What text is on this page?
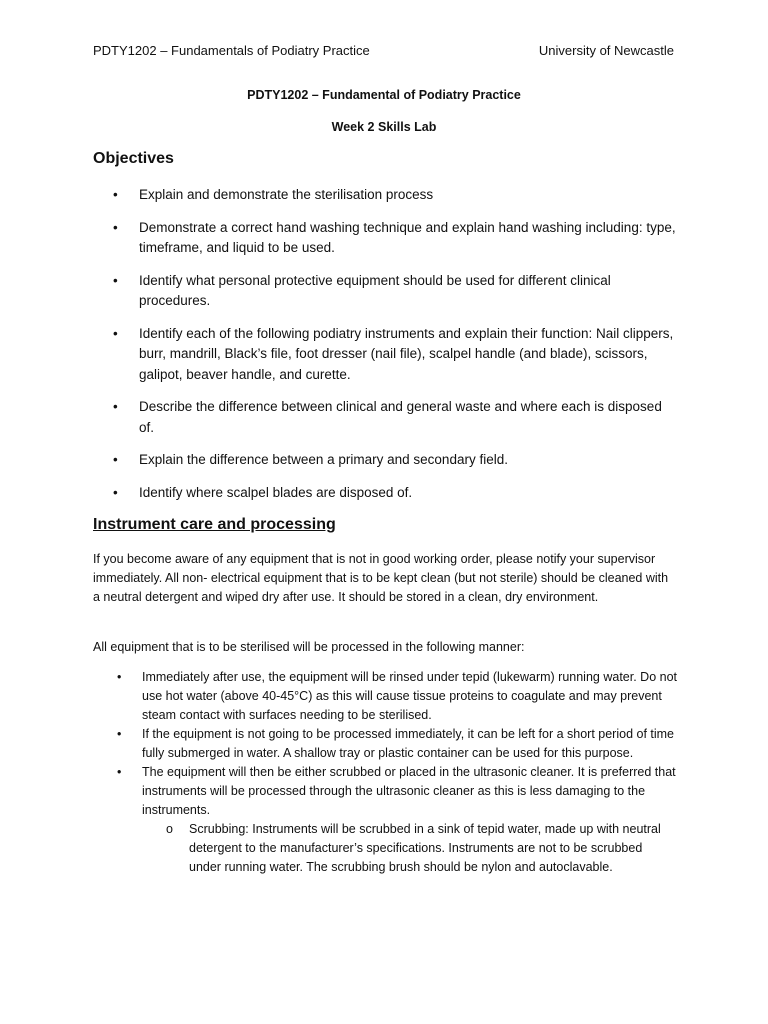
PDTY1202 – Fundamentals of Podiatry Practice	University of Newcastle
PDTY1202 – Fundamental of Podiatry Practice
Week 2 Skills Lab
Objectives
• Explain and demonstrate the sterilisation process
• Demonstrate a correct hand washing technique and explain hand washing including: type, timeframe, and liquid to be used.
• Identify what personal protective equipment should be used for different clinical procedures.
• Identify each of the following podiatry instruments and explain their function: Nail clippers, burr, mandrill, Black’s file, foot dresser (nail file), scalpel handle (and blade), scissors, galipot, beaver handle, and curette.
• Describe the difference between clinical and general waste and where each is disposed of.
• Explain the difference between a primary and secondary field.
• Identify where scalpel blades are disposed of.
Instrument care and processing

If you become aware of any equipment that is not in good working order, please notify your supervisor immediately. All non- electrical equipment that is to be kept clean (but not sterile) should be cleaned with a neutral detergent and wiped dry after use. It should be stored in a clean, dry environment.

All equipment that is to be sterilised will be processed in the following manner:

• Immediately after use, the equipment will be rinsed under tepid (lukewarm) running water. Do not use hot water (above 40-45°C) as this will cause tissue proteins to coagulate and may prevent steam contact with surfaces needing to be sterilised.
• If the equipment is not going to be processed immediately, it can be left for a short period of time fully submerged in water. A shallow tray or plastic container can be used for this purpose.
• The equipment will then be either scrubbed or placed in the ultrasonic cleaner. It is preferred that instruments will be processed through the ultrasonic cleaner as this is less damaging to the instruments.
o Scrubbing: Instruments will be scrubbed in a sink of tepid water, made up with neutral detergent to the manufacturer’s specifications. Instruments are not to be scrubbed under running water. The scrubbing brush should be nylon and autoclavable.
